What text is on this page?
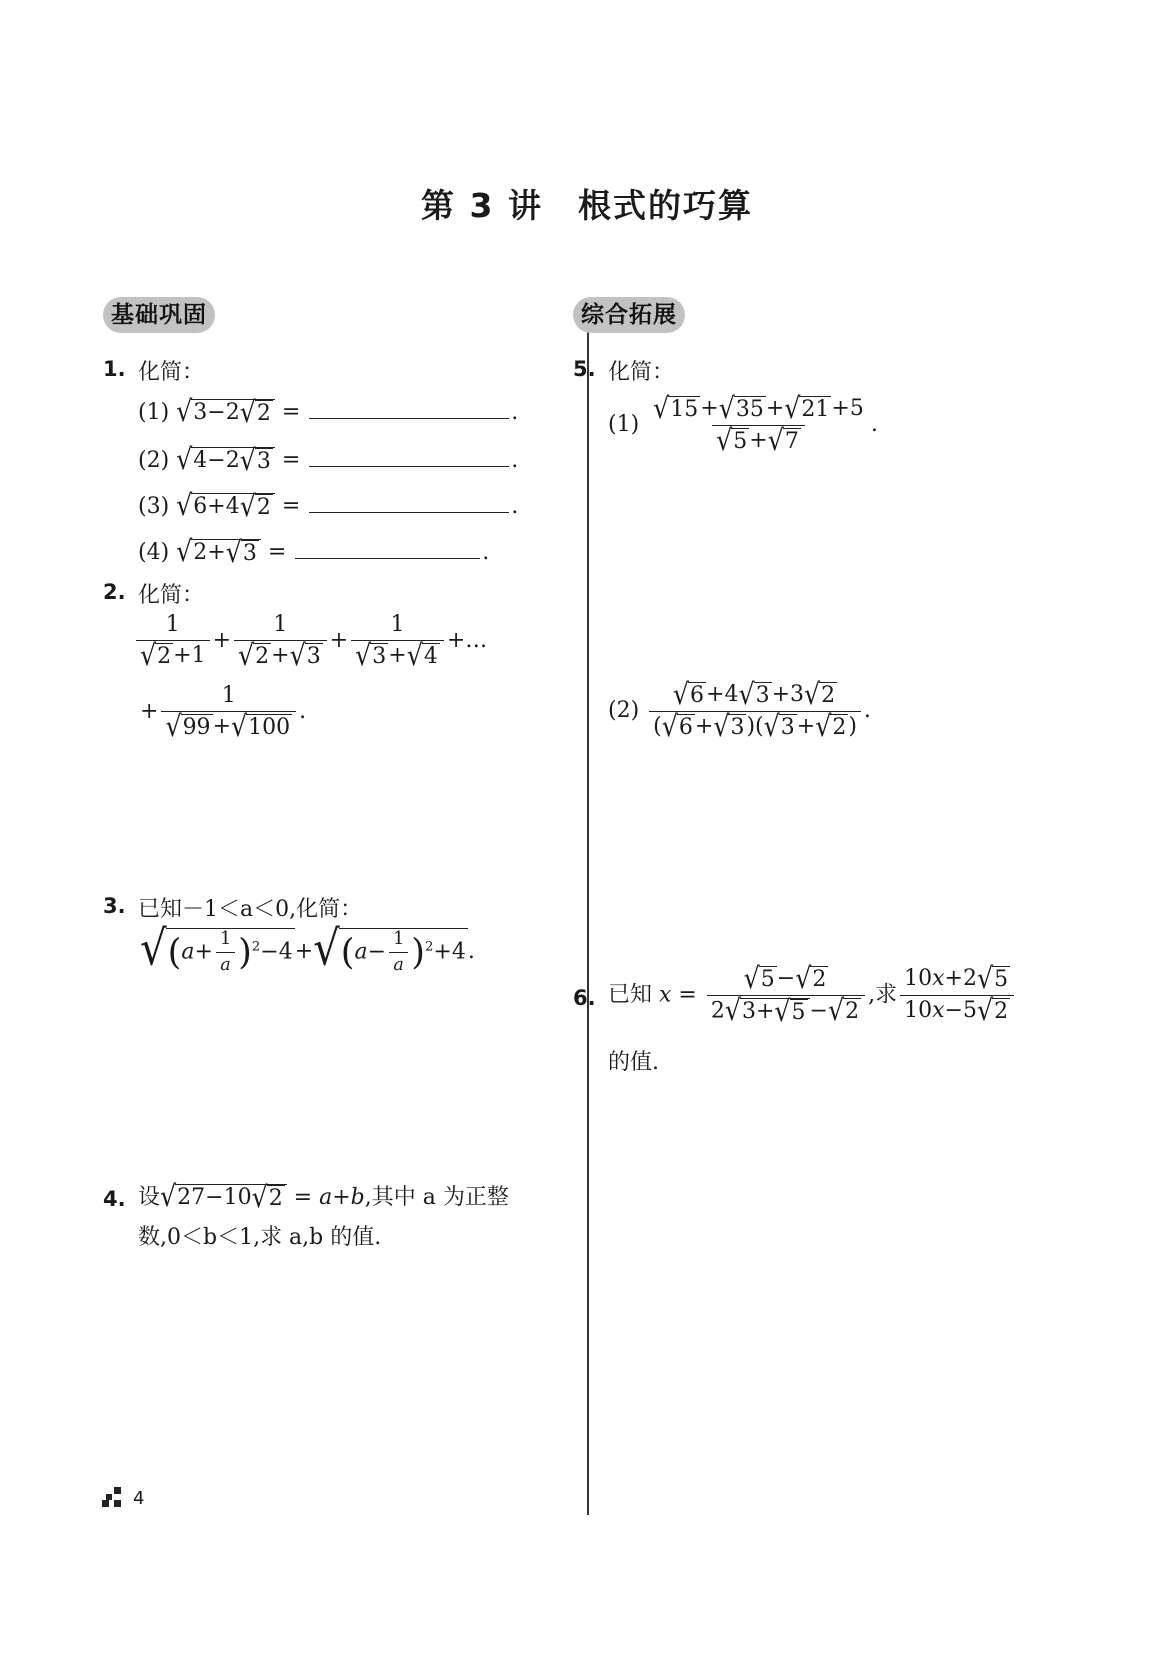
第 3 讲　根式的巧算
基础巩固	综合拓展
1. 化简：
(1) √ 3−2 √ 2 =	.
(2) √ 4−2 √ 3 =	.
(3) √ 6+4 √ 2 =	.
(4) √ 2+ √ 3 =	.
2. 化简：
$\frac{1}{√ 2 +1} + \frac{1}{√ 2 + √ 3} + \frac{1}{√ 3 + √ 4}$ +…
+ $\frac{1}{√ 99 + √ 100}$ .
3. 已知－1＜a＜0,化简：
√ $(a+ \frac{1}{a} )^2-4$ + √ $(a- \frac{1}{a} )^2+4$ .
4. 设 √ 27−10 √ 2 = a+b,其中 a 为正整
数,0＜b＜1,求 a,b 的值.
5. 化简：
$(1) \frac{√ 15 + √ 35 + √ 21 +5}{√ 5 + √ 7}$ .
$(2) \frac{√ 6 +4 √ 3 +3 √ 2}{( √ 6 + √ 3 )( √ 3 + √ 2 )}$ .
6. 已知 $x = \frac{√ 5 - √ 2}{2 √ 3+ √ 5 - √ 2}$ ,求 $\frac{10x+2 √ 5}{10x-5 √ 2}$
的值.
4
